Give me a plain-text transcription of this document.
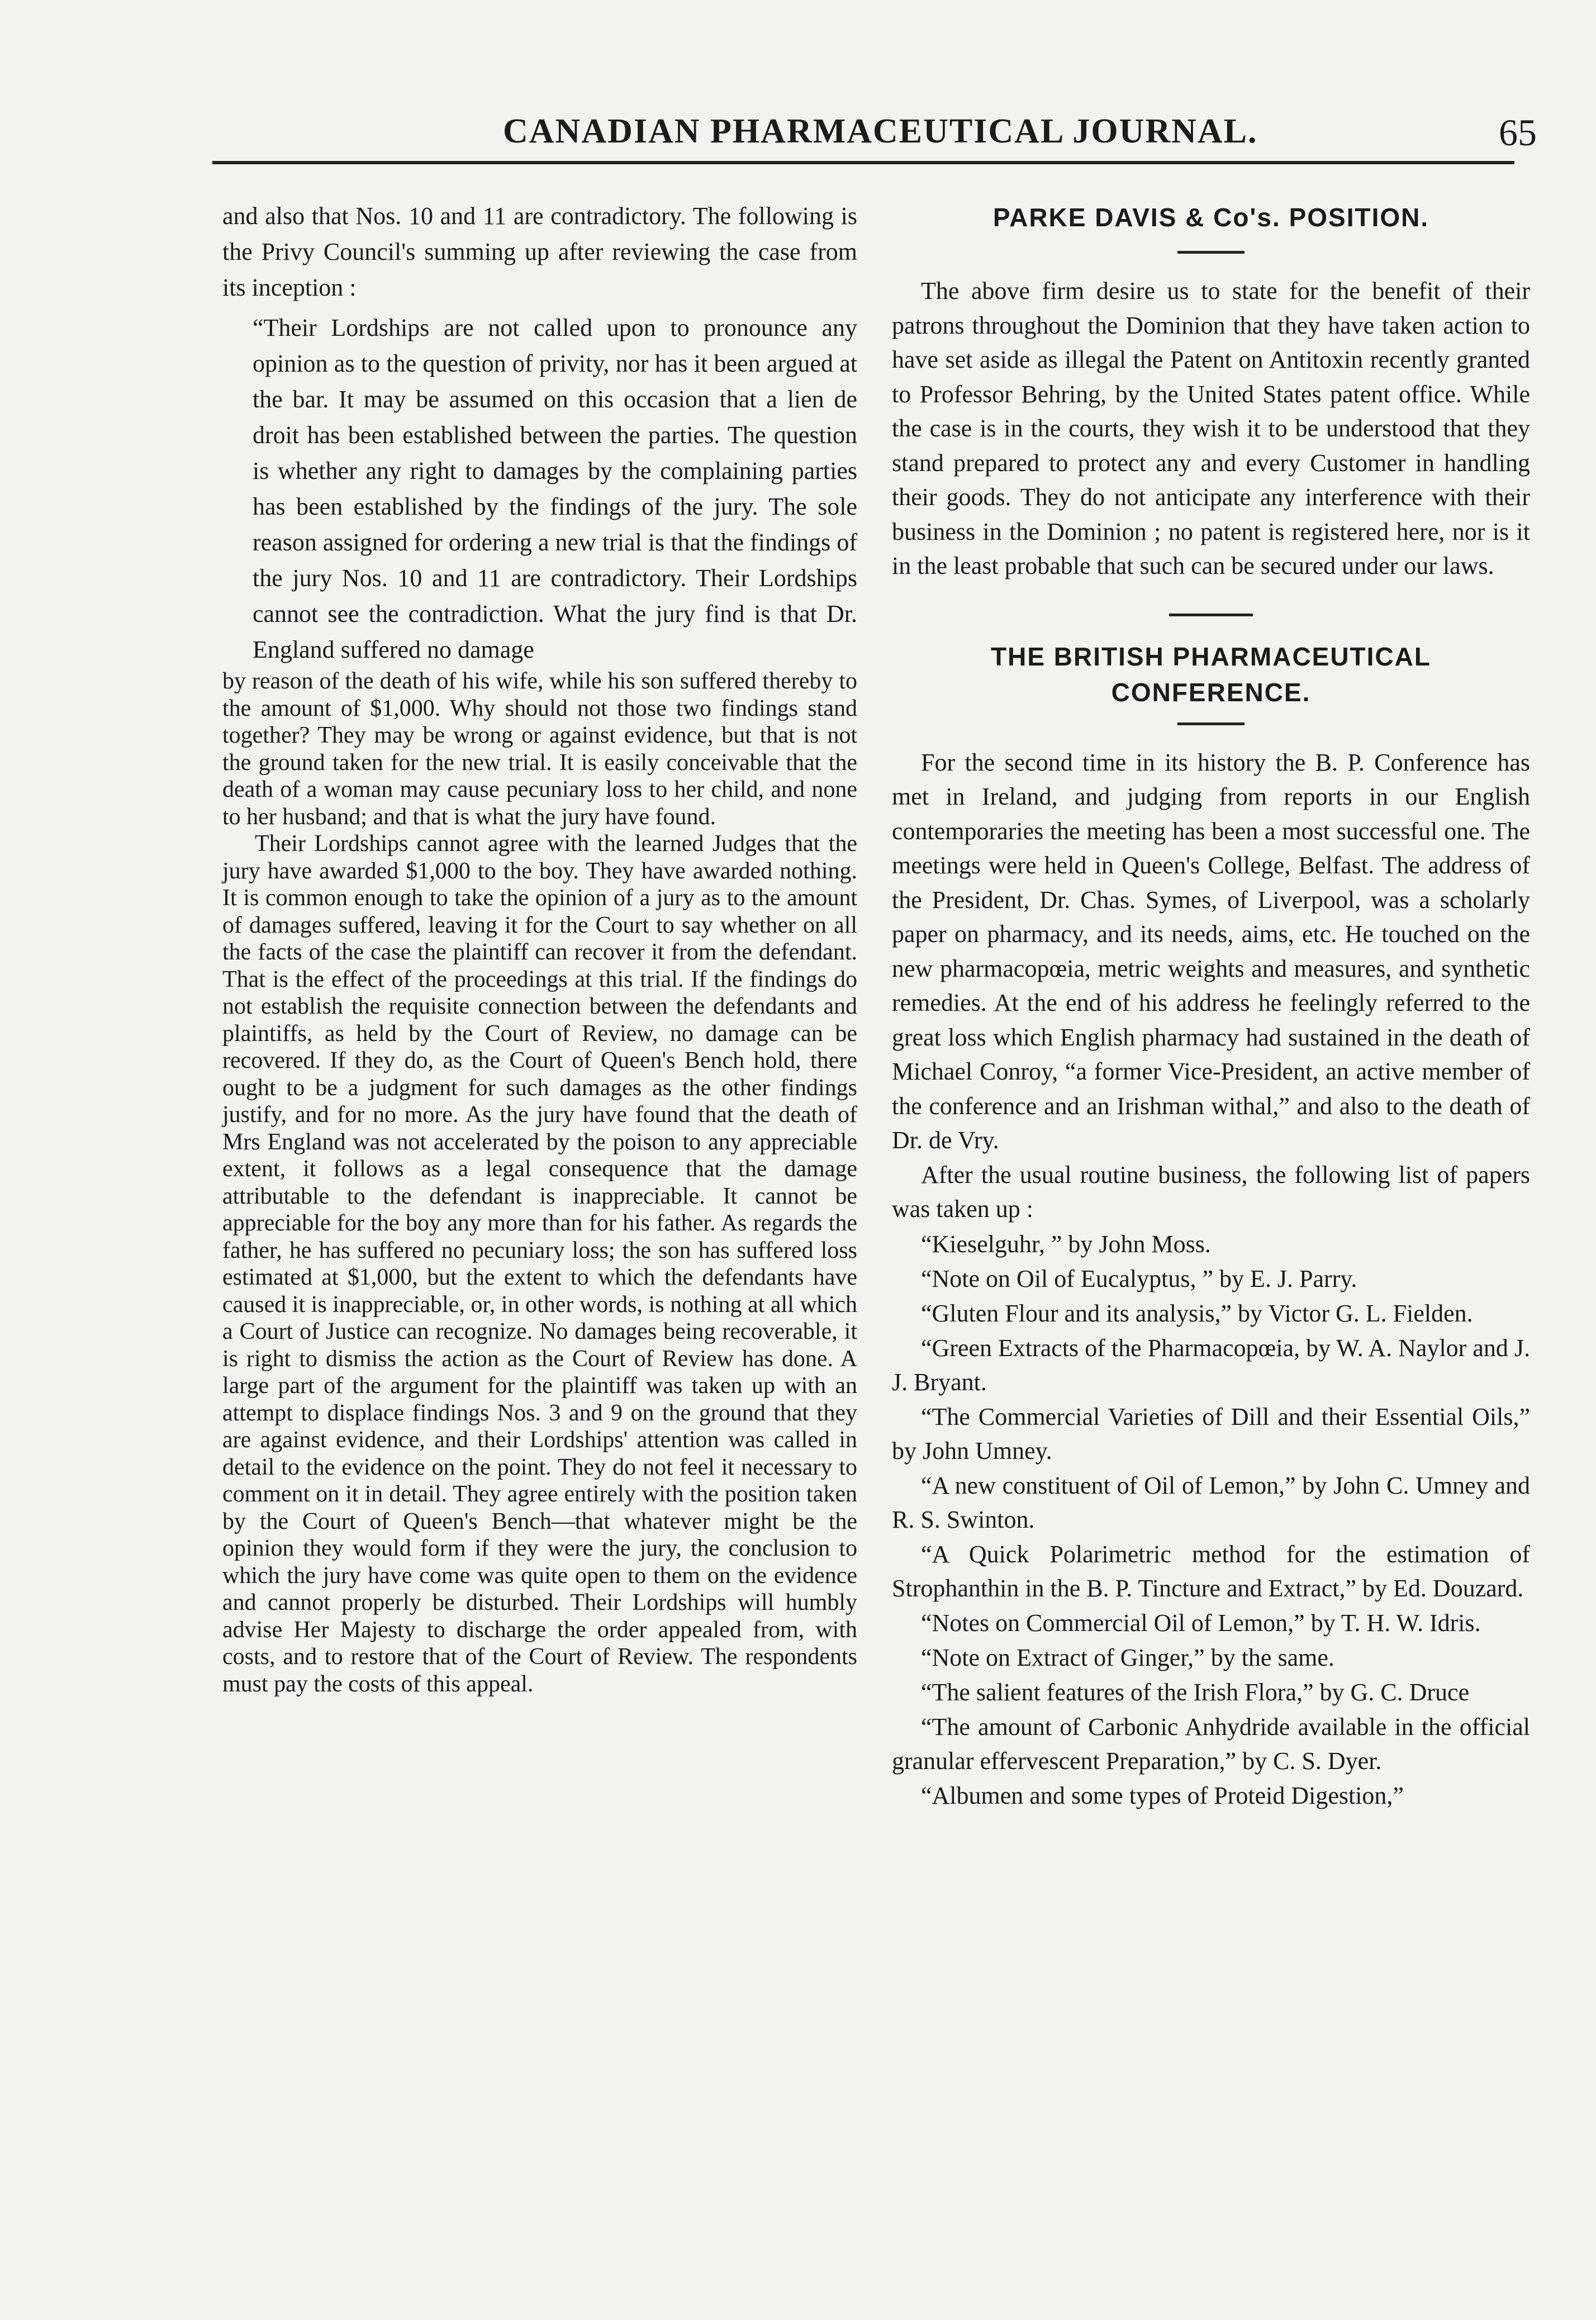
CANADIAN PHARMACEUTICAL JOURNAL.	65

and also that Nos. 10 and 11 are contradictory. The following is the Privy Council's summing up after reviewing the case from its inception :

“Their Lordships are not called upon to pronounce any opinion as to the question of privity, nor has it been argued at the bar. It may be assumed on this occasion that a lien de droit has been established between the parties. The question is whether any right to damages by the complaining parties has been established by the findings of the jury. The sole reason assigned for ordering a new trial is that the findings of the jury Nos. 10 and 11 are contradictory. Their Lordships cannot see the contradiction. What the jury find is that Dr. England suffered no damage

by reason of the death of his wife, while his son suffered thereby to the amount of $1,000. Why should not those two findings stand together? They may be wrong or against evidence, but that is not the ground taken for the new trial. It is easily conceivable that the death of a woman may cause pecuniary loss to her child, and none to her husband; and that is what the jury have found.

Their Lordships cannot agree with the learned Judges that the jury have awarded $1,000 to the boy. They have awarded nothing. It is common enough to take the opinion of a jury as to the amount of damages suffered, leaving it for the Court to say whether on all the facts of the case the plaintiff can recover it from the defendant. That is the effect of the proceedings at this trial. If the findings do not establish the requisite connection between the defendants and plaintiffs, as held by the Court of Review, no damage can be recovered. If they do, as the Court of Queen's Bench hold, there ought to be a judgment for such damages as the other findings justify, and for no more. As the jury have found that the death of Mrs England was not accelerated by the poison to any appreciable extent, it follows as a legal consequence that the damage attributable to the defendant is inappreciable. It cannot be appreciable for the boy any more than for his father. As regards the father, he has suffered no pecuniary loss; the son has suffered loss estimated at $1,000, but the extent to which the defendants have caused it is inappreciable, or, in other words, is nothing at all which a Court of Justice can recognize. No damages being recoverable, it is right to dismiss the action as the Court of Review has done. A large part of the argument for the plaintiff was taken up with an attempt to displace findings Nos. 3 and 9 on the ground that they are against evidence, and their Lordships' attention was called in detail to the evidence on the point. They do not feel it necessary to comment on it in detail. They agree entirely with the position taken by the Court of Queen's Bench—that whatever might be the opinion they would form if they were the jury, the conclusion to which the jury have come was quite open to them on the evidence and cannot properly be disturbed. Their Lordships will humbly advise Her Majesty to discharge the order appealed from, with costs, and to restore that of the Court of Review. The respondents must pay the costs of this appeal.

PARKE DAVIS & Co's. POSITION.

The above firm desire us to state for the benefit of their patrons throughout the Dominion that they have taken action to have set aside as illegal the Patent on Antitoxin recently granted to Professor Behring, by the United States patent office. While the case is in the courts, they wish it to be understood that they stand prepared to protect any and every Customer in handling their goods. They do not anticipate any interference with their business in the Dominion ; no patent is registered here, nor is it in the least probable that such can be secured under our laws.

THE BRITISH PHARMACEUTICAL
CONFERENCE.

For the second time in its history the B. P. Conference has met in Ireland, and judging from reports in our English contemporaries the meeting has been a most successful one. The meetings were held in Queen's College, Belfast. The address of the President, Dr. Chas. Symes, of Liverpool, was a scholarly paper on pharmacy, and its needs, aims, etc. He touched on the new pharmacopœia, metric weights and measures, and synthetic remedies. At the end of his address he feelingly referred to the great loss which English pharmacy had sustained in the death of Michael Conroy, “a former Vice-President, an active member of the conference and an Irishman withal,” and also to the death of Dr. de Vry.

After the usual routine business, the following list of papers was taken up :

“Kieselguhr, ” by John Moss.

“Note on Oil of Eucalyptus, ” by E. J. Parry.

“Gluten Flour and its analysis,” by Victor G. L. Fielden.

“Green Extracts of the Pharmacopœia, by W. A. Naylor and J. J. Bryant.

“The Commercial Varieties of Dill and their Essential Oils,” by John Umney.

“A new constituent of Oil of Lemon,” by John C. Umney and R. S. Swinton.

“A Quick Polarimetric method for the estimation of Strophanthin in the B. P. Tincture and Extract,” by Ed. Douzard.

“Notes on Commercial Oil of Lemon,” by T. H. W. Idris.

“Note on Extract of Ginger,” by the same.

“The salient features of the Irish Flora,” by G. C. Druce

“The amount of Carbonic Anhydride available in the official granular effervescent Preparation,” by C. S. Dyer.

“Albumen and some types of Proteid Digestion,”
